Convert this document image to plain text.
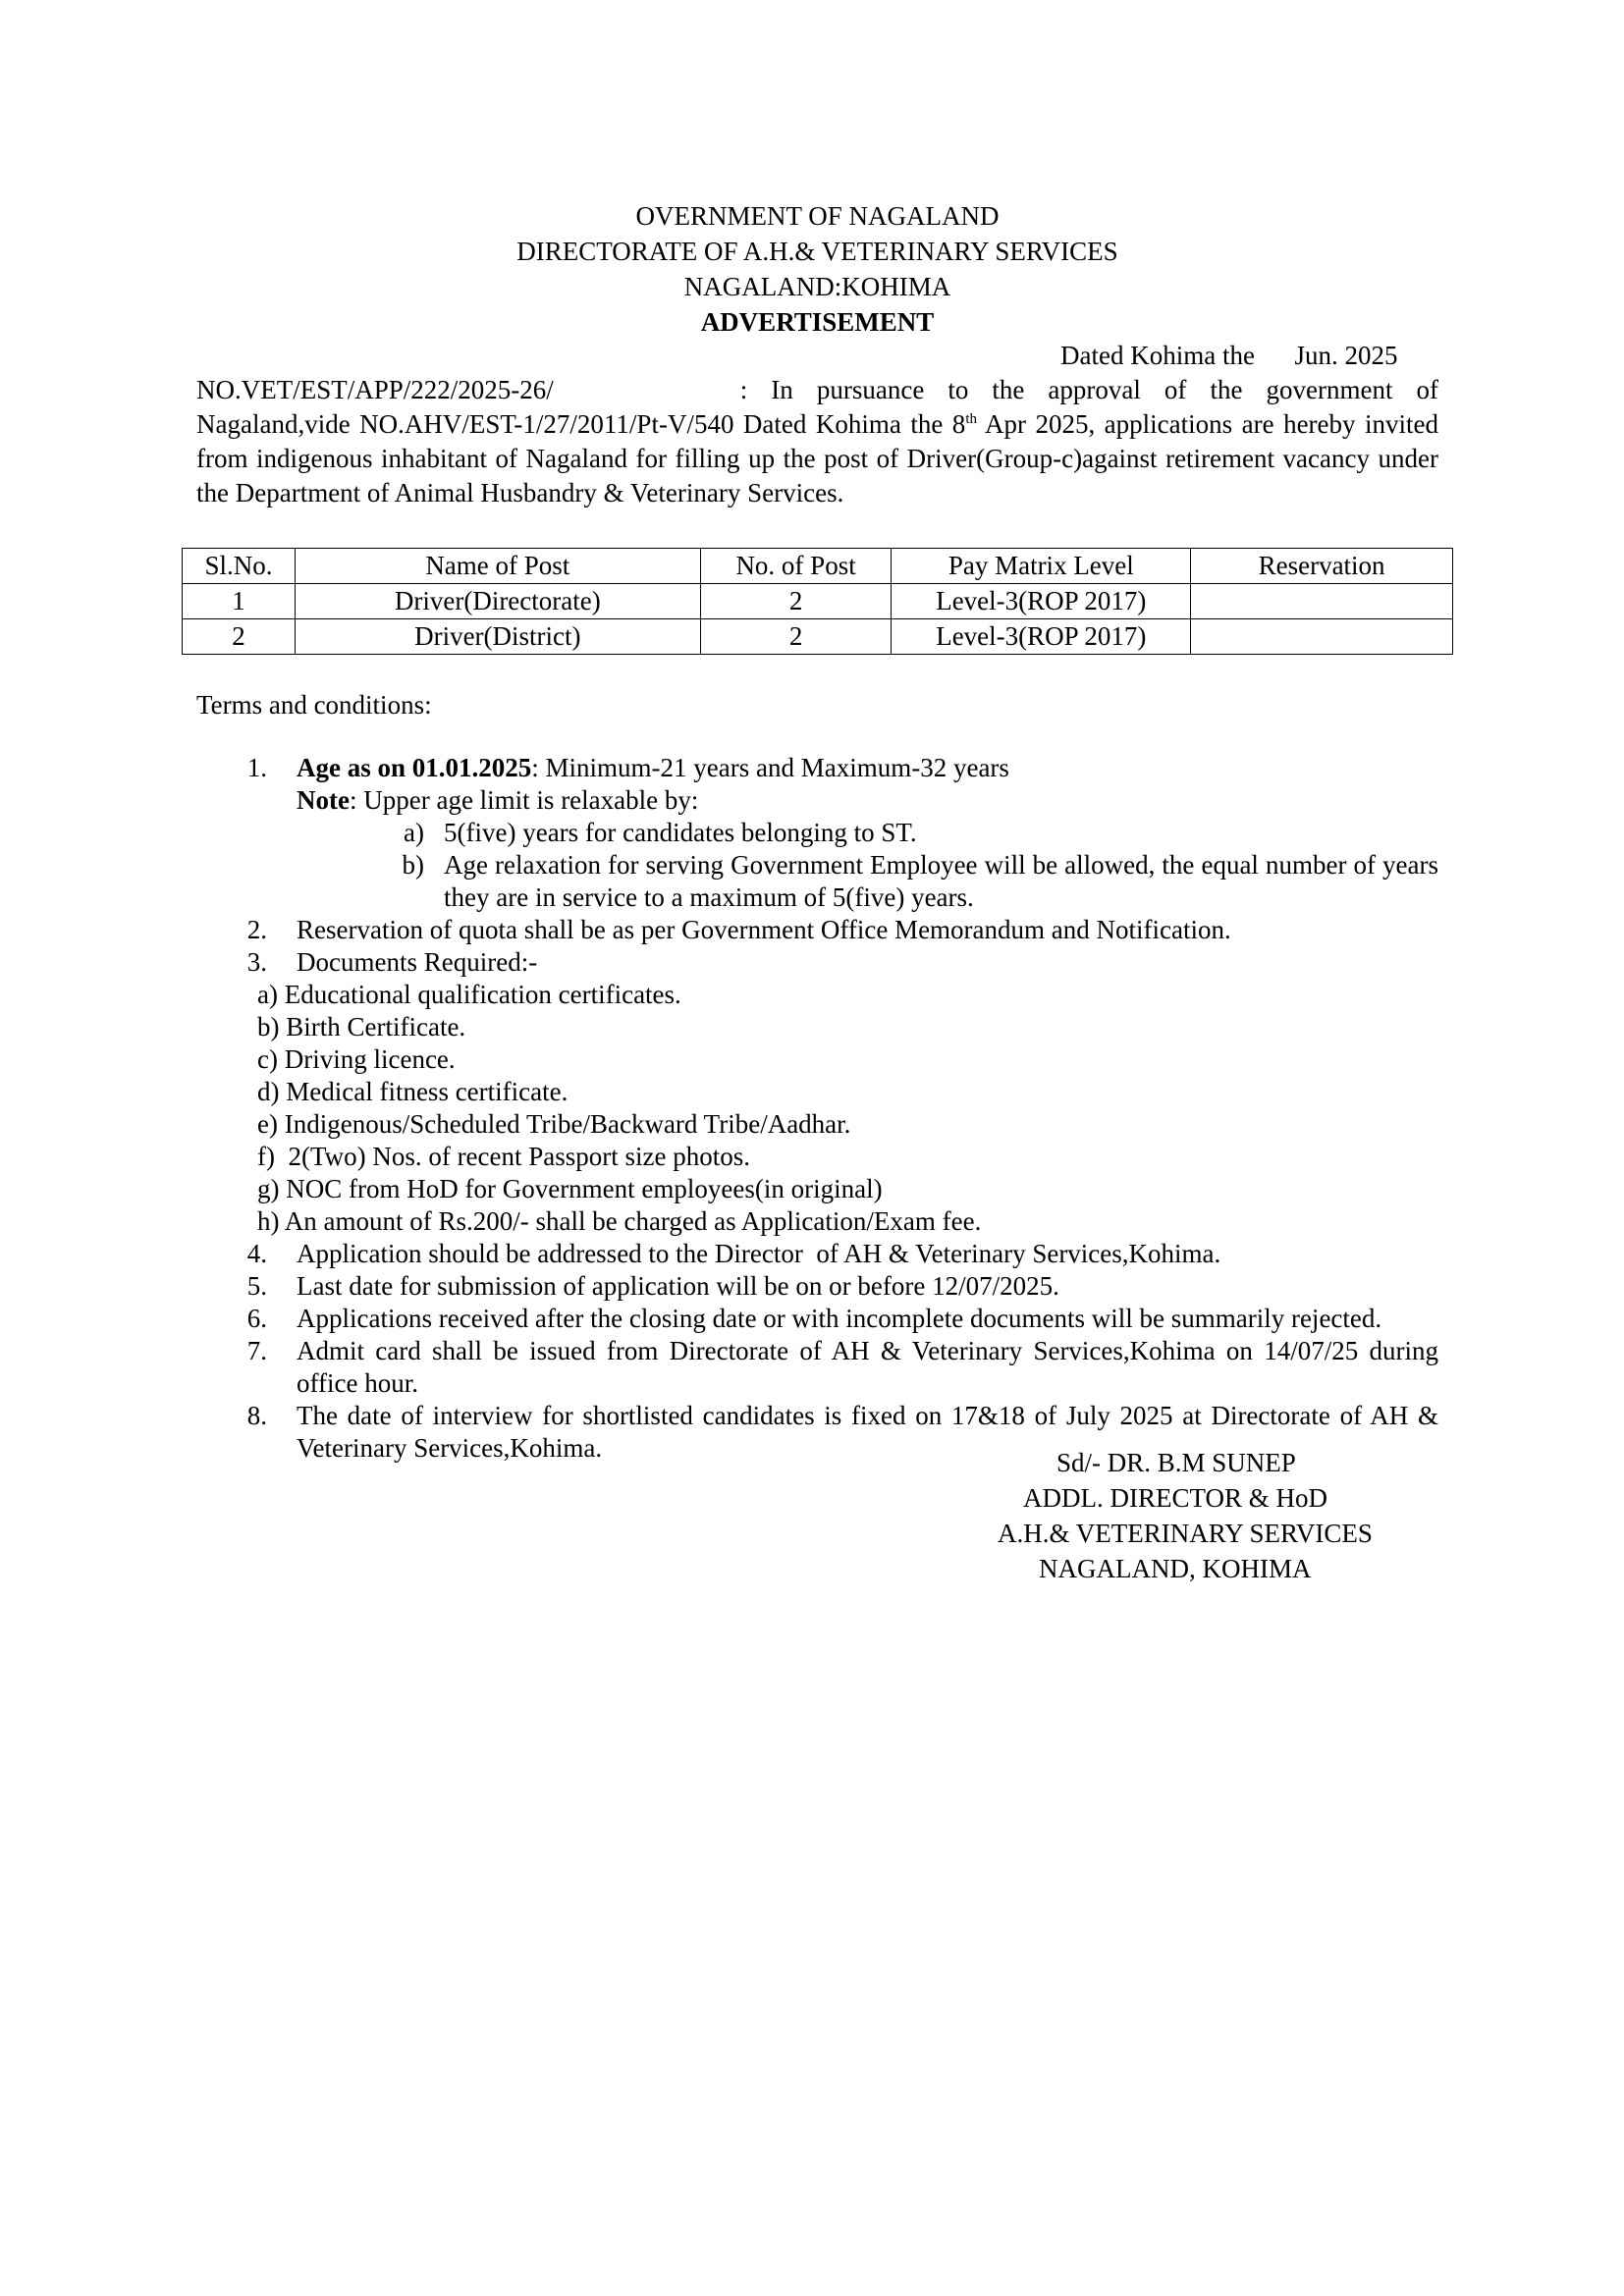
OVERNMENT OF NAGALAND
DIRECTORATE OF A.H.& VETERINARY SERVICES
NAGALAND:KOHIMA
ADVERTISEMENT
Dated Kohima the      Jun. 2025
NO.VET/EST/APP/222/2025-26/	: In pursuance to the approval of the government of Nagaland,vide NO.AHV/EST-1/27/2011/Pt-V/540 Dated Kohima the 8th Apr 2025, applications are hereby invited from indigenous inhabitant of Nagaland for filling up the post of Driver(Group-c)against retirement vacancy under the Department of Animal Husbandry & Veterinary Services.
Sl.No.	Name of Post	No. of Post	Pay Matrix Level	Reservation
1	Driver(Directorate)	2	Level-3(ROP 2017)	
2	Driver(District)	2	Level-3(ROP 2017)	
Terms and conditions:
1. Age as on 01.01.2025: Minimum-21 years and Maximum-32 years
Note: Upper age limit is relaxable by:
a) 5(five) years for candidates belonging to ST.
b) Age relaxation for serving Government Employee will be allowed, the equal number of years they are in service to a maximum of 5(five) years.
2. Reservation of quota shall be as per Government Office Memorandum and Notification.
3. Documents Required:-
a) Educational qualification certificates.
b) Birth Certificate.
c) Driving licence.
d) Medical fitness certificate.
e) Indigenous/Scheduled Tribe/Backward Tribe/Aadhar.
f)  2(Two) Nos. of recent Passport size photos.
g) NOC from HoD for Government employees(in original)
h) An amount of Rs.200/- shall be charged as Application/Exam fee.
4. Application should be addressed to the Director  of AH & Veterinary Services,Kohima.
5. Last date for submission of application will be on or before 12/07/2025.
6. Applications received after the closing date or with incomplete documents will be summarily rejected.
7. Admit card shall be issued from Directorate of AH & Veterinary Services,Kohima on 14/07/25 during office hour.
8. The date of interview for shortlisted candidates is fixed on 17&18 of July 2025 at Directorate of AH & Veterinary Services,Kohima.	Sd/- DR. B.M SUNEP
ADDL. DIRECTOR & HoD
A.H.& VETERINARY SERVICES
NAGALAND, KOHIMA
